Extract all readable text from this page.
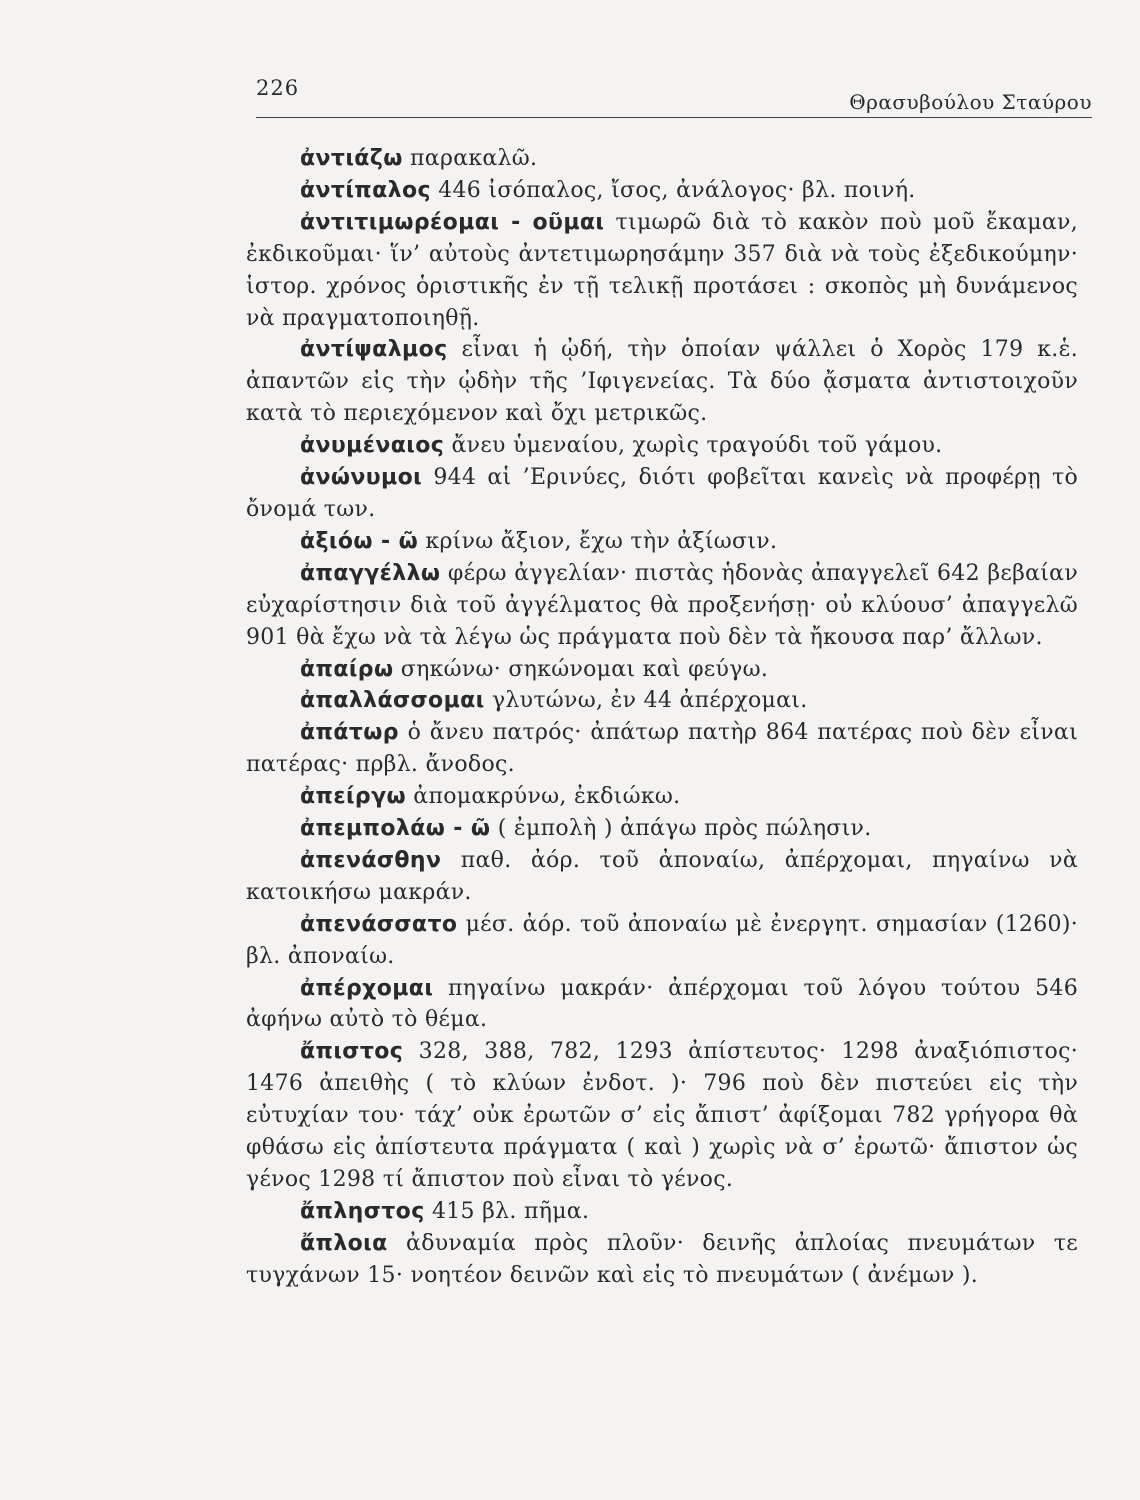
226
Θρασυβούλου Σταύρου

ἀντιάζω παρακαλῶ.

ἀντίπαλος 446 ἰσόπαλος, ἴσος, ἀνάλογος· βλ. ποινή.

ἀντιτιμωρέομαι - οῦμαι τιμωρῶ διὰ τὸ κακὸν ποὺ μοῦ ἔκαμαν, ἐκδικοῦμαι· ἵν’ αὐτοὺς ἀντετιμωρησάμην 357 διὰ νὰ τοὺς ἐξεδικούμην· ἱστορ. χρόνος ὁριστικῆς ἐν τῇ τελικῇ προτάσει : σκοπὸς μὴ δυνάμενος νὰ πραγματοποιηθῇ.

ἀντίψαλμος εἶναι ἡ ᾠδή, τὴν ὁποίαν ψάλλει ὁ Χορὸς 179 κ.ἑ. ἀπαντῶν εἰς τὴν ᾠδὴν τῆς ’Ιφιγενείας. Τὰ δύο ᾄσματα ἀντιστοιχοῦν κατὰ τὸ περιεχόμενον καὶ ὄχι μετρικῶς.

ἀνυμέναιος ἄνευ ὑμεναίου, χωρὶς τραγούδι τοῦ γάμου.

ἀνώνυμοι 944 αἱ ’Ερινύες, διότι φοβεῖται κανεὶς νὰ προφέρῃ τὸ ὄνομά των.

ἀξιόω - ῶ κρίνω ἄξιον, ἔχω τὴν ἀξίωσιν.

ἀπαγγέλλω φέρω ἀγγελίαν· πιστὰς ἡδονὰς ἀπαγγελεῖ 642 βεβαίαν εὐχαρίστησιν διὰ τοῦ ἀγγέλματος θὰ προξενήσῃ· οὐ κλύουσ’ ἀπαγγελῶ 901 θὰ ἔχω νὰ τὰ λέγω ὡς πράγματα ποὺ δὲν τὰ ἤκουσα παρ’ ἄλλων.

ἀπαίρω σηκώνω· σηκώνομαι καὶ φεύγω.

ἀπαλλάσσομαι γλυτώνω, ἐν 44 ἀπέρχομαι.

ἀπάτωρ ὁ ἄνευ πατρός· ἀπάτωρ πατὴρ 864 πατέρας ποὺ δὲν εἶναι πατέρας· πρβλ. ἄνοδος.

ἀπείργω ἀπομακρύνω, ἐκδιώκω.

ἀπεμπολάω - ῶ ( ἐμπολὴ ) ἀπάγω πρὸς πώλησιν.

ἀπενάσθην παθ. ἀόρ. τοῦ ἀποναίω, ἀπέρχομαι, πηγαίνω νὰ κατοικήσω μακράν.

ἀπενάσσατο μέσ. ἀόρ. τοῦ ἀποναίω μὲ ἐνεργητ. σημασίαν (1260)· βλ. ἀποναίω.

ἀπέρχομαι πηγαίνω μακράν· ἀπέρχομαι τοῦ λόγου τούτου 546 ἀφήνω αὐτὸ τὸ θέμα.

ἄπιστος 328, 388, 782, 1293 ἀπίστευτος· 1298 ἀναξιόπιστος· 1476 ἀπειθὴς ( τὸ κλύων ἐνδοτ. )· 796 ποὺ δὲν πιστεύει εἰς τὴν εὐτυχίαν του· τάχ’ οὐκ ἐρωτῶν σ’ εἰς ἄπιστ’ ἀφίξομαι 782 γρήγορα θὰ φθάσω εἰς ἀπίστευτα πράγματα ( καὶ ) χωρὶς νὰ σ’ ἐρωτῶ· ἄπιστον ὡς γένος 1298 τί ἄπιστον ποὺ εἶναι τὸ γένος.

ἄπληστος 415 βλ. πῆμα.

ἄπλοια ἀδυναμία πρὸς πλοῦν· δεινῆς ἀπλοίας πνευμάτων τε τυγχάνων 15· νοητέον δεινῶν καὶ εἰς τὸ πνευμάτων ( ἀνέμων ).
